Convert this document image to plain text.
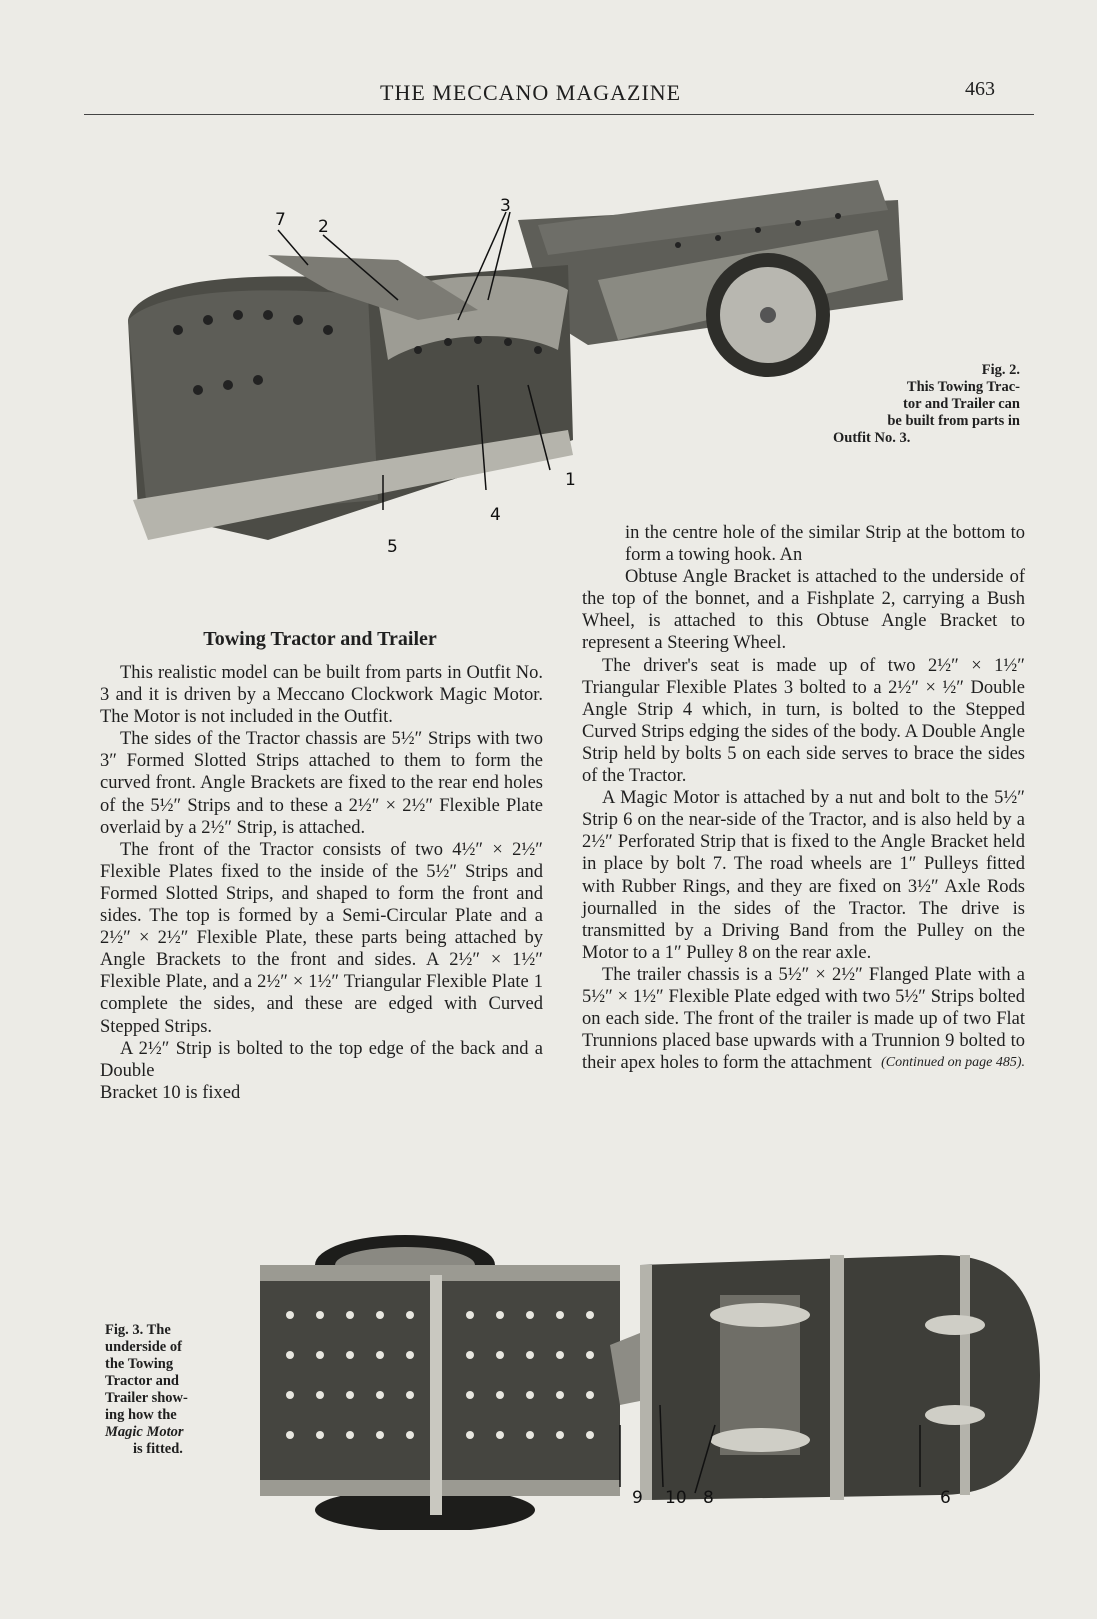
THE MECCANO MAGAZINE	463
7 2
3
1
4
5
Fig. 2.
This Towing Trac-
tor and Trailer can
be built from parts in
Outfit No. 3.
Towing Tractor and Trailer

This realistic model can be built from parts in Outfit No. 3 and it is driven by a Meccano Clockwork Magic Motor. The Motor is not included in the Outfit.

The sides of the Tractor chassis are 5½″ Strips with two 3″ Formed Slotted Strips attached to them to form the curved front. Angle Brackets are fixed to the rear end holes of the 5½″ Strips and to these a 2½″ × 2½″ Flexible Plate overlaid by a 2½″ Strip, is attached.

The front of the Tractor consists of two 4½″ × 2½″ Flexible Plates fixed to the inside of the 5½″ Strips and Formed Slotted Strips, and shaped to form the front and sides. The top is formed by a Semi-Circular Plate and a 2½″ × 2½″ Flexible Plate, these parts being attached by Angle Brackets to the front and sides. A 2½″ × 1½″ Flexible Plate, and a 2½″ × 1½″ Triangular Flexible Plate 1 complete the sides, and these are edged with Curved Stepped Strips.

A 2½″ Strip is bolted to the top edge of the back and a Double

Bracket 10 is fixed

in the centre hole of the similar Strip at the bottom to form a towing hook. An

Obtuse Angle Bracket is attached to the underside of the top of the bonnet, and a Fishplate 2, carrying a Bush Wheel, is attached to this Obtuse Angle Bracket to represent a Steering Wheel.

The driver's seat is made up of two 2½″ × 1½″ Triangular Flexible Plates 3 bolted to a 2½″ × ½″ Double Angle Strip 4 which, in turn, is bolted to the Stepped Curved Strips edging the sides of the body. A Double Angle Strip held by bolts 5 on each side serves to brace the sides of the Tractor.

A Magic Motor is attached by a nut and bolt to the 5½″ Strip 6 on the near-side of the Tractor, and is also held by a 2½″ Perforated Strip that is fixed to the Angle Bracket held in place by bolt 7. The road wheels are 1″ Pulleys fitted with Rubber Rings, and they are fixed on 3½″ Axle Rods journalled in the sides of the Tractor. The drive is transmitted by a Driving Band from the Pulley on the Motor to a 1″ Pulley 8 on the rear axle.

The trailer chassis is a 5½″ × 2½″ Flanged Plate with a 5½″ × 1½″ Flexible Plate edged with two 5½″ Strips bolted on each side. The front of the trailer is made up of two Flat Trunnions placed base upwards with a Trunnion 9 bolted to their apex holes to form the attachment (Continued on page 485).
9 10 8	6
Fig. 3. The
underside of
the Towing
Tractor and
Trailer show-
ing how the
Magic Motor
is fitted.
